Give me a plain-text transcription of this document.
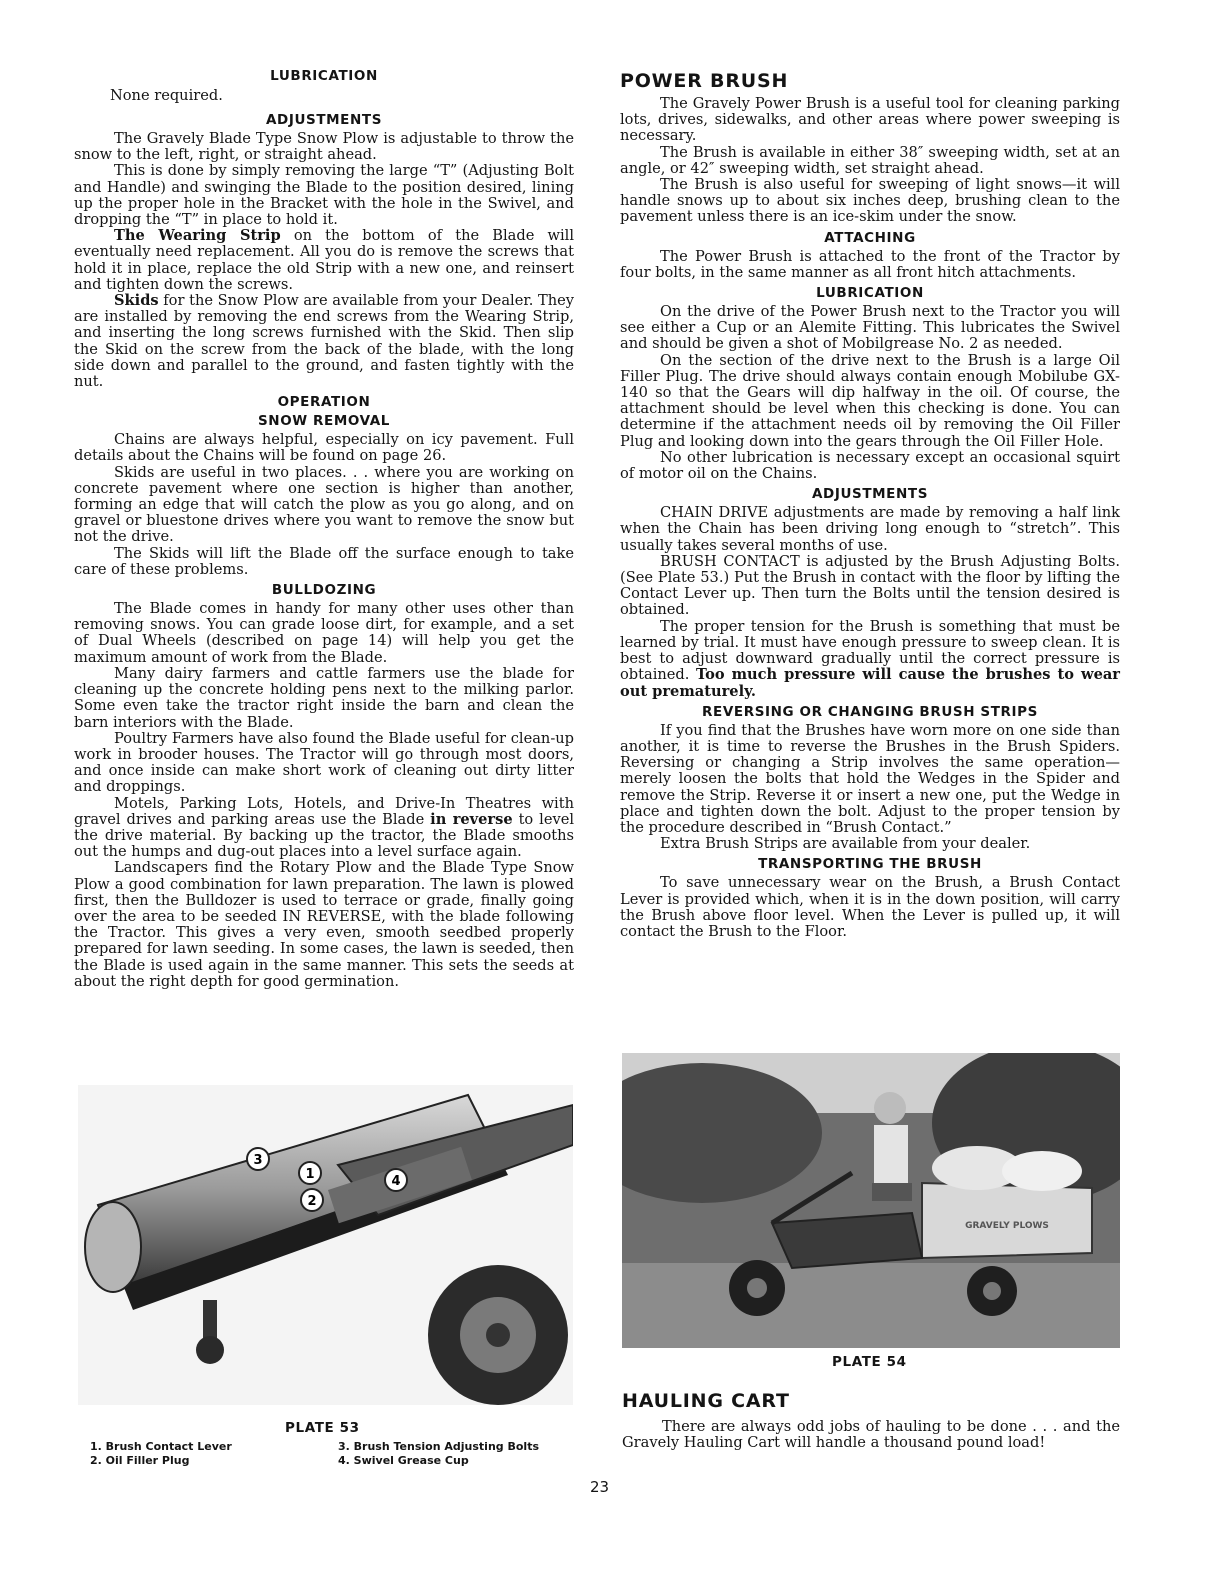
LUBRICATION

None required.

ADJUSTMENTS

The Gravely Blade Type Snow Plow is adjustable to throw the snow to the left, right, or straight ahead.

This is done by simply removing the large “T” (Adjusting Bolt and Handle) and swinging the Blade to the position desired, lining up the proper hole in the Bracket with the hole in the Swivel, and dropping the “T” in place to hold it.

The Wearing Strip on the bottom of the Blade will eventually need replacement. All you do is remove the screws that hold it in place, replace the old Strip with a new one, and reinsert and tighten down the screws.

Skids for the Snow Plow are available from your Dealer. They are installed by removing the end screws from the Wearing Strip, and inserting the long screws furnished with the Skid. Then slip the Skid on the screw from the back of the blade, with the long side down and parallel to the ground, and fasten tightly with the nut.

OPERATION
SNOW REMOVAL

Chains are always helpful, especially on icy pavement. Full details about the Chains will be found on page 26.

Skids are useful in two places. . . where you are working on concrete pavement where one section is higher than another, forming an edge that will catch the plow as you go along, and on gravel or bluestone drives where you want to remove the snow but not the drive.

The Skids will lift the Blade off the surface enough to take care of these problems.

BULLDOZING

The Blade comes in handy for many other uses other than removing snows. You can grade loose dirt, for example, and a set of Dual Wheels (described on page 14) will help you get the maximum amount of work from the Blade.

Many dairy farmers and cattle farmers use the blade for cleaning up the concrete holding pens next to the milking parlor. Some even take the tractor right inside the barn and clean the barn interiors with the Blade.

Poultry Farmers have also found the Blade useful for clean-up work in brooder houses. The Tractor will go through most doors, and once inside can make short work of cleaning out dirty litter and droppings.

Motels, Parking Lots, Hotels, and Drive-In Theatres with gravel drives and parking areas use the Blade in reverse to level the drive material. By backing up the tractor, the Blade smooths out the humps and dug-out places into a level surface again.

Landscapers find the Rotary Plow and the Blade Type Snow Plow a good combination for lawn preparation. The lawn is plowed first, then the Bulldozer is used to terrace or grade, finally going over the area to be seeded IN REVERSE, with the blade following the Tractor. This gives a very even, smooth seedbed properly prepared for lawn seeding. In some cases, the lawn is seeded, then the Blade is used again in the same manner. This sets the seeds at about the right depth for good germination.

POWER BRUSH

The Gravely Power Brush is a useful tool for cleaning parking lots, drives, sidewalks, and other areas where power sweeping is necessary.

The Brush is available in either 38″ sweeping width, set at an angle, or 42″ sweeping width, set straight ahead.

The Brush is also useful for sweeping of light snows—it will handle snows up to about six inches deep, brushing clean to the pavement unless there is an ice-skim under the snow.

ATTACHING

The Power Brush is attached to the front of the Tractor by four bolts, in the same manner as all front hitch attachments.

LUBRICATION

On the drive of the Power Brush next to the Tractor you will see either a Cup or an Alemite Fitting. This lubricates the Swivel and should be given a shot of Mobilgrease No. 2 as needed.

On the section of the drive next to the Brush is a large Oil Filler Plug. The drive should always contain enough Mobilube GX-140 so that the Gears will dip halfway in the oil. Of course, the attachment should be level when this checking is done. You can determine if the attachment needs oil by removing the Oil Filler Plug and looking down into the gears through the Oil Filler Hole.

No other lubrication is necessary except an occasional squirt of motor oil on the Chains.

ADJUSTMENTS

CHAIN DRIVE adjustments are made by removing a half link when the Chain has been driving long enough to “stretch”. This usually takes several months of use.

BRUSH CONTACT is adjusted by the Brush Adjusting Bolts. (See Plate 53.) Put the Brush in contact with the floor by lifting the Contact Lever up. Then turn the Bolts until the tension desired is obtained.

The proper tension for the Brush is something that must be learned by trial. It must have enough pressure to sweep clean. It is best to adjust downward gradually until the correct pressure is obtained. Too much pressure will cause the brushes to wear out prematurely.

REVERSING OR CHANGING BRUSH STRIPS

If you find that the Brushes have worn more on one side than another, it is time to reverse the Brushes in the Brush Spiders. Reversing or changing a Strip involves the same operation—merely loosen the bolts that hold the Wedges in the Spider and remove the Strip. Reverse it or insert a new one, put the Wedge in place and tighten down the bolt. Adjust to the proper tension by the procedure described in “Brush Contact.”

Extra Brush Strips are available from your dealer.

TRANSPORTING THE BRUSH

To save unnecessary wear on the Brush, a Brush Contact Lever is provided which, when it is in the down position, will carry the Brush above floor level. When the Lever is pulled up, it will contact the Brush to the Floor.

3
1
2
4
PLATE 53
1. Brush Contact Lever
2. Oil Filler Plug
3. Brush Tension Adjusting Bolts
4. Swivel Grease Cup
GRAVELY PLOWS
PLATE 54
HAULING CART

There are always odd jobs of hauling to be done . . . and the Gravely Hauling Cart will handle a thousand pound load!

23
